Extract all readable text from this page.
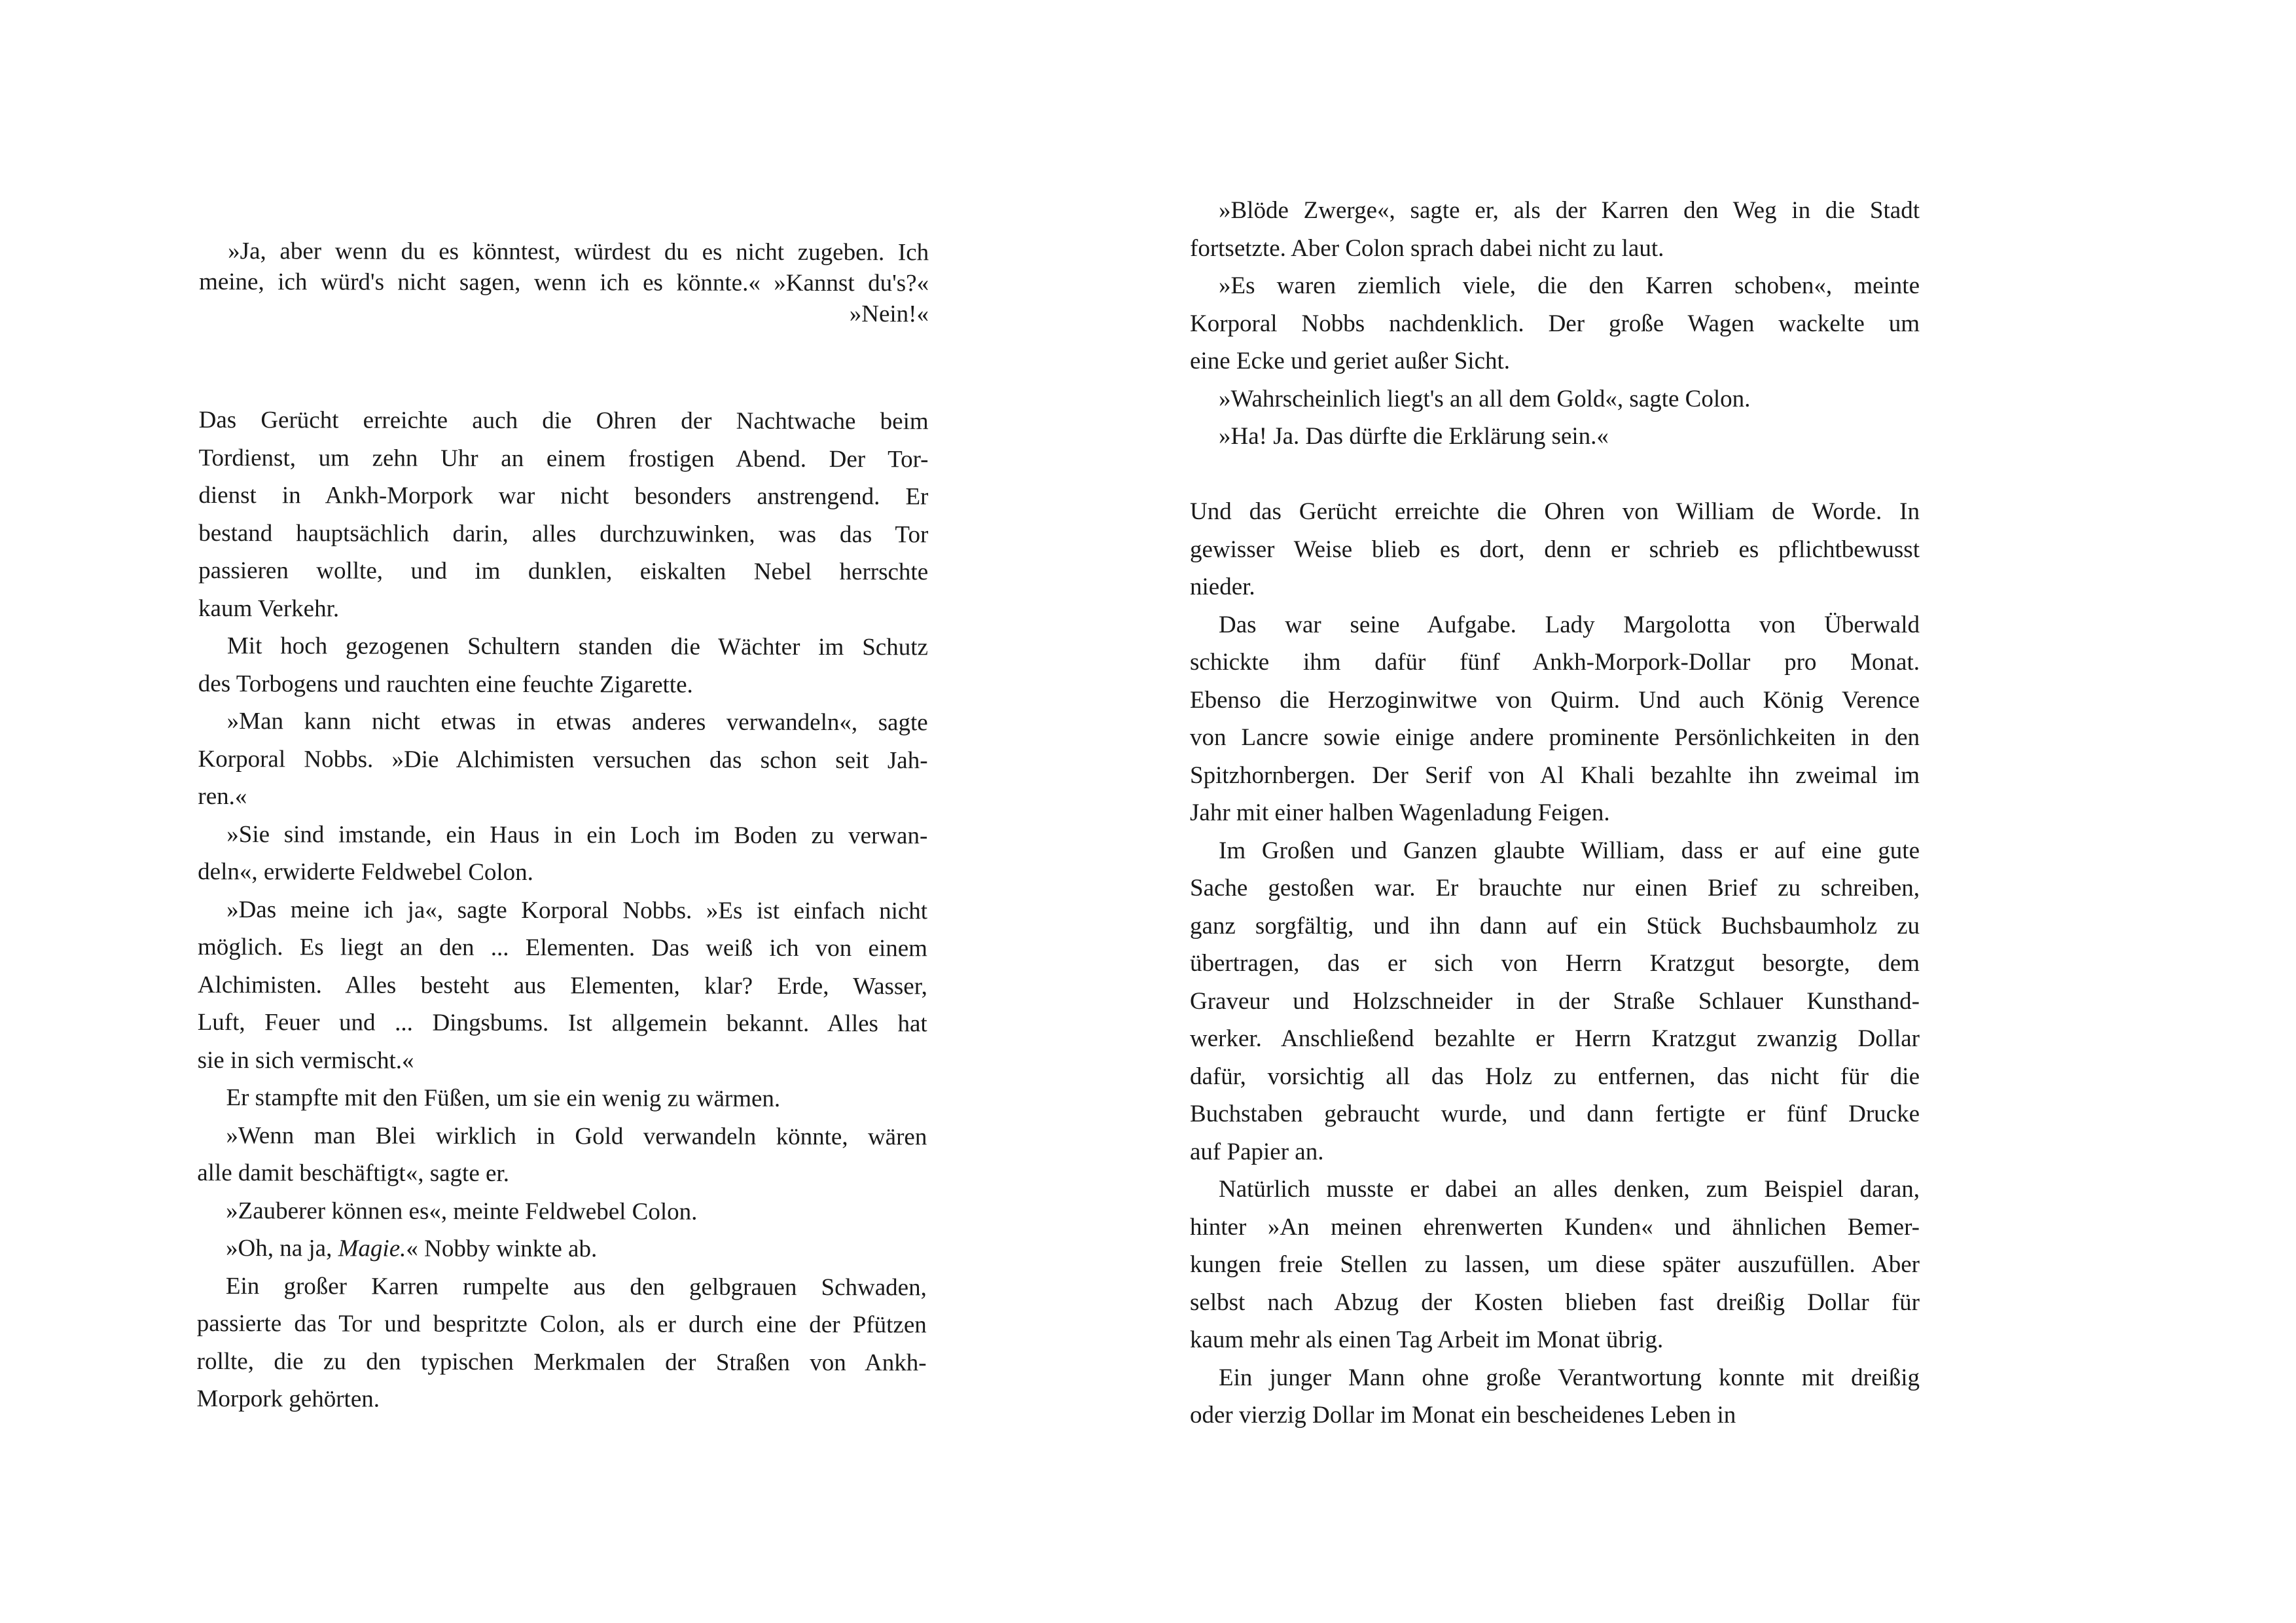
»Ja, aber wenn du es könntest, würdest du es nicht zugeben. Ich
meine, ich würd's nicht sagen, wenn ich es könnte.« »Kannst du's?«
»Nein!«
Das Gerücht erreichte auch die Ohren der Nachtwache beim
Tordienst, um zehn Uhr an einem frostigen Abend. Der Tor-
dienst in Ankh-Morpork war nicht besonders anstrengend. Er
bestand hauptsächlich darin, alles durchzuwinken, was das Tor
passieren wollte, und im dunklen, eiskalten Nebel herrschte
kaum Verkehr.
Mit hoch gezogenen Schultern standen die Wächter im Schutz
des Torbogens und rauchten eine feuchte Zigarette.
»Man kann nicht etwas in etwas anderes verwandeln«, sagte
Korporal Nobbs. »Die Alchimisten versuchen das schon seit Jah-
ren.«
»Sie sind imstande, ein Haus in ein Loch im Boden zu verwan-
deln«, erwiderte Feldwebel Colon.
»Das meine ich ja«, sagte Korporal Nobbs. »Es ist einfach nicht
möglich. Es liegt an den ... Elementen. Das weiß ich von einem
Alchimisten. Alles besteht aus Elementen, klar? Erde, Wasser,
Luft, Feuer und ... Dingsbums. Ist allgemein bekannt. Alles hat
sie in sich vermischt.«
Er stampfte mit den Füßen, um sie ein wenig zu wärmen.
»Wenn man Blei wirklich in Gold verwandeln könnte, wären
alle damit beschäftigt«, sagte er.
»Zauberer können es«, meinte Feldwebel Colon.
»Oh, na ja, Magie.« Nobby winkte ab.
Ein großer Karren rumpelte aus den gelbgrauen Schwaden,
passierte das Tor und bespritzte Colon, als er durch eine der Pfützen
rollte, die zu den typischen Merkmalen der Straßen von Ankh-
Morpork gehörten.
»Blöde Zwerge«, sagte er, als der Karren den Weg in die Stadt
fortsetzte. Aber Colon sprach dabei nicht zu laut.
»Es waren ziemlich viele, die den Karren schoben«, meinte
Korporal Nobbs nachdenklich. Der große Wagen wackelte um
eine Ecke und geriet außer Sicht.
»Wahrscheinlich liegt's an all dem Gold«, sagte Colon.
»Ha! Ja. Das dürfte die Erklärung sein.«
Und das Gerücht erreichte die Ohren von William de Worde. In
gewisser Weise blieb es dort, denn er schrieb es pflichtbewusst
nieder.
Das war seine Aufgabe. Lady Margolotta von Überwald
schickte ihm dafür fünf Ankh-Morpork-Dollar pro Monat.
Ebenso die Herzoginwitwe von Quirm. Und auch König Verence
von Lancre sowie einige andere prominente Persönlichkeiten in den
Spitzhornbergen. Der Serif von Al Khali bezahlte ihn zweimal im
Jahr mit einer halben Wagenladung Feigen.
Im Großen und Ganzen glaubte William, dass er auf eine gute
Sache gestoßen war. Er brauchte nur einen Brief zu schreiben,
ganz sorgfältig, und ihn dann auf ein Stück Buchsbaumholz zu
übertragen, das er sich von Herrn Kratzgut besorgte, dem
Graveur und Holzschneider in der Straße Schlauer Kunsthand-
werker. Anschließend bezahlte er Herrn Kratzgut zwanzig Dollar
dafür, vorsichtig all das Holz zu entfernen, das nicht für die
Buchstaben gebraucht wurde, und dann fertigte er fünf Drucke
auf Papier an.
Natürlich musste er dabei an alles denken, zum Beispiel daran,
hinter »An meinen ehrenwerten Kunden« und ähnlichen Bemer-
kungen freie Stellen zu lassen, um diese später auszufüllen. Aber
selbst nach Abzug der Kosten blieben fast dreißig Dollar für
kaum mehr als einen Tag Arbeit im Monat übrig.
Ein junger Mann ohne große Verantwortung konnte mit dreißig
oder vierzig Dollar im Monat ein bescheidenes Leben in
